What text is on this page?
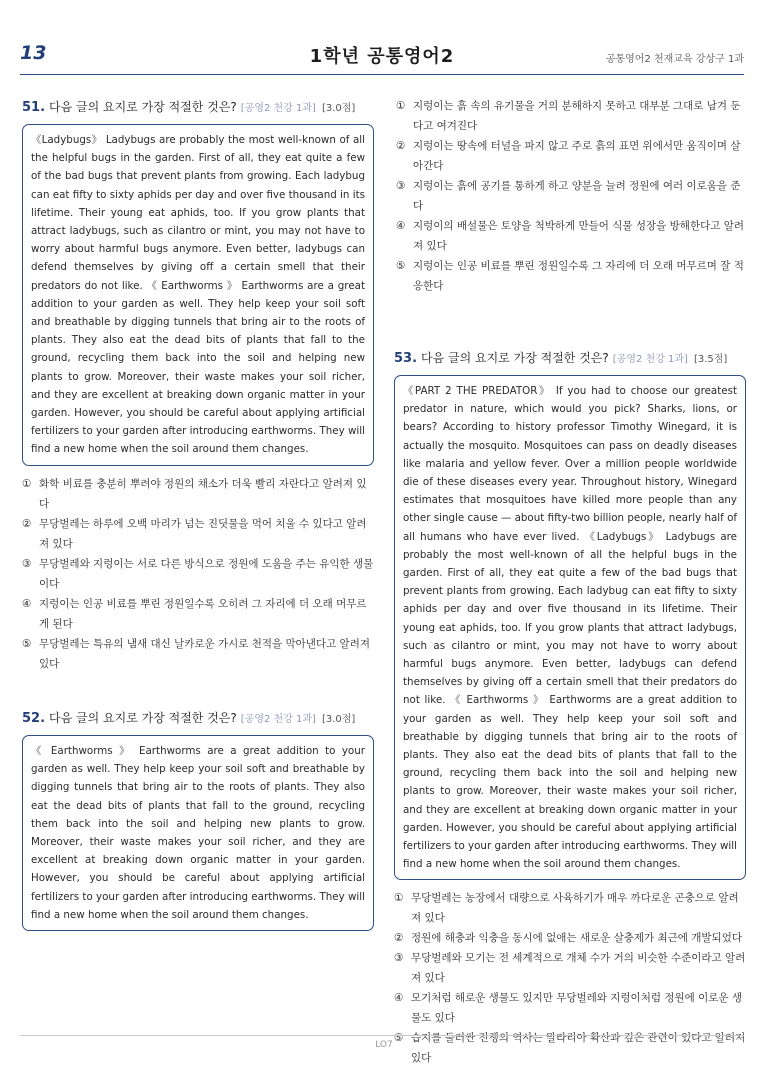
13	1학년 공통영어2	공통영어2 천재교육 강상구 1과
51. 다음 글의 요지로 가장 적절한 것은? [공영2 천강 1과] [3.0점]
《Ladybugs》 Ladybugs are probably the most well-known of all the helpful bugs in the garden. First of all, they eat quite a few of the bad bugs that prevent plants from growing. Each ladybug can eat fifty to sixty aphids per day and over five thousand in its lifetime. Their young eat aphids, too. If you grow plants that attract ladybugs, such as cilantro or mint, you may not have to worry about harmful bugs anymore. Even better, ladybugs can defend themselves by giving off a certain smell that their predators do not like. 《 Earthworms 》 Earthworms are a great addition to your garden as well. They help keep your soil soft and breathable by digging tunnels that bring air to the roots of plants. They also eat the dead bits of plants that fall to the ground, recycling them back into the soil and helping new plants to grow. Moreover, their waste makes your soil richer, and they are excellent at breaking down organic matter in your garden. However, you should be careful about applying artificial fertilizers to your garden after introducing earthworms. They will find a new home when the soil around them changes.
① 화학 비료를 충분히 뿌려야 정원의 채소가 더욱 빨리 자란다고 알려져 있다
② 무당벌레는 하루에 오백 마리가 넘는 진딧물을 먹어 치울 수 있다고 알려져 있다
③ 무당벌레와 지렁이는 서로 다른 방식으로 정원에 도움을 주는 유익한 생물이다
④ 지렁이는 인공 비료를 뿌린 정원일수록 오히려 그 자리에 더 오래 머무르게 된다
⑤ 무당벌레는 특유의 냄새 대신 날카로운 가시로 천적을 막아낸다고 알려져 있다
52. 다음 글의 요지로 가장 적절한 것은? [공영2 천강 1과] [3.0점]
《 Earthworms 》 Earthworms are a great addition to your garden as well. They help keep your soil soft and breathable by digging tunnels that bring air to the roots of plants. They also eat the dead bits of plants that fall to the ground, recycling them back into the soil and helping new plants to grow. Moreover, their waste makes your soil richer, and they are excellent at breaking down organic matter in your garden. However, you should be careful about applying artificial fertilizers to your garden after introducing earthworms. They will find a new home when the soil around them changes.
① 지렁이는 흙 속의 유기물을 거의 분해하지 못하고 대부분 그대로 남겨 둔다고 여겨진다
② 지렁이는 땅속에 터널을 파지 않고 주로 흙의 표면 위에서만 움직이며 살아간다
③ 지렁이는 흙에 공기를 통하게 하고 양분을 늘려 정원에 여러 이로움을 준다
④ 지렁이의 배설물은 토양을 척박하게 만들어 식물 성장을 방해한다고 알려져 있다
⑤ 지렁이는 인공 비료를 뿌린 정원일수록 그 자리에 더 오래 머무르며 잘 적응한다
53. 다음 글의 요지로 가장 적절한 것은? [공영2 천강 1과] [3.5점]
《PART 2 THE PREDATOR》 If you had to choose our greatest predator in nature, which would you pick? Sharks, lions, or bears? According to history professor Timothy Winegard, it is actually the mosquito. Mosquitoes can pass on deadly diseases like malaria and yellow fever. Over a million people worldwide die of these diseases every year. Throughout history, Winegard estimates that mosquitoes have killed more people than any other single cause — about fifty-two billion people, nearly half of all humans who have ever lived. 《Ladybugs》 Ladybugs are probably the most well-known of all the helpful bugs in the garden. First of all, they eat quite a few of the bad bugs that prevent plants from growing. Each ladybug can eat fifty to sixty aphids per day and over five thousand in its lifetime. Their young eat aphids, too. If you grow plants that attract ladybugs, such as cilantro or mint, you may not have to worry about harmful bugs anymore. Even better, ladybugs can defend themselves by giving off a certain smell that their predators do not like. 《 Earthworms 》 Earthworms are a great addition to your garden as well. They help keep your soil soft and breathable by digging tunnels that bring air to the roots of plants. They also eat the dead bits of plants that fall to the ground, recycling them back into the soil and helping new plants to grow. Moreover, their waste makes your soil richer, and they are excellent at breaking down organic matter in your garden. However, you should be careful about applying artificial fertilizers to your garden after introducing earthworms. They will find a new home when the soil around them changes.
① 무당벌레는 농장에서 대량으로 사육하기가 매우 까다로운 곤충으로 알려져 있다
② 정원에 해충과 익충을 동시에 없애는 새로운 살충제가 최근에 개발되었다
③ 무당벌레와 모기는 전 세계적으로 개체 수가 거의 비슷한 수준이라고 알려져 있다
④ 모기처럼 해로운 생물도 있지만 무당벌레와 지렁이처럼 정원에 이로운 생물도 있다
⑤ 습지를 둘러싼 전쟁의 역사는 말라리아 확산과 깊은 관련이 있다고 알려져 있다
LO7
